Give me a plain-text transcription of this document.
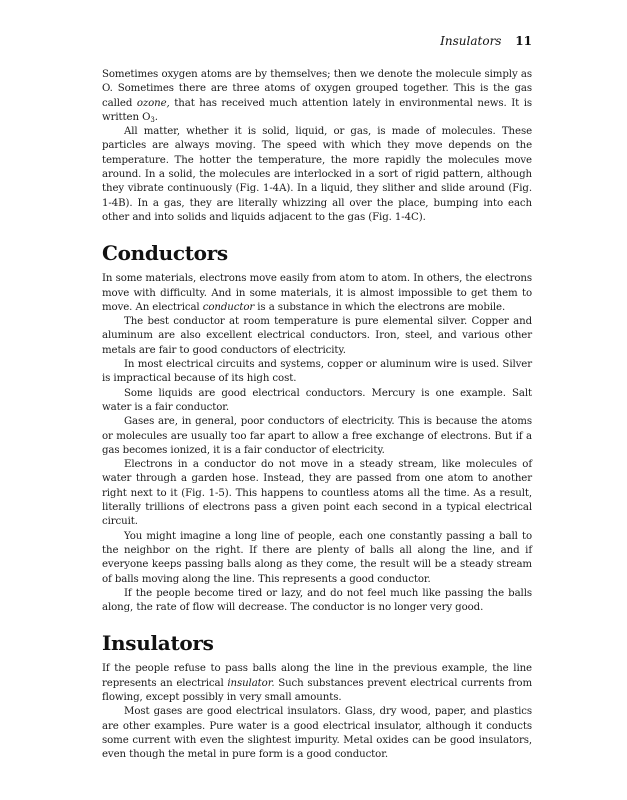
Insulators 11

Sometimes oxygen atoms are by themselves; then we denote the molecule simply as O. Sometimes there are three atoms of oxygen grouped together. This is the gas called ozone, that has received much attention lately in environmental news. It is written $O_3$.

All matter, whether it is solid, liquid, or gas, is made of molecules. These particles are always moving. The speed with which they move depends on the temperature. The hotter the temperature, the more rapidly the molecules move around. In a solid, the molecules are interlocked in a sort of rigid pattern, although they vibrate continuously (Fig. 1-4A). In a liquid, they slither and slide around (Fig. 1-4B). In a gas, they are literally whizzing all over the place, bumping into each other and into solids and liquids adjacent to the gas (Fig. 1-4C).

Conductors

In some materials, electrons move easily from atom to atom. In others, the electrons move with difficulty. And in some materials, it is almost impossible to get them to move. An electrical conductor is a substance in which the electrons are mobile.

The best conductor at room temperature is pure elemental silver. Copper and aluminum are also excellent electrical conductors. Iron, steel, and various other metals are fair to good conductors of electricity.

In most electrical circuits and systems, copper or aluminum wire is used. Silver is impractical because of its high cost.

Some liquids are good electrical conductors. Mercury is one example. Salt water is a fair conductor.

Gases are, in general, poor conductors of electricity. This is because the atoms or molecules are usually too far apart to allow a free exchange of electrons. But if a gas becomes ionized, it is a fair conductor of electricity.

Electrons in a conductor do not move in a steady stream, like molecules of water through a garden hose. Instead, they are passed from one atom to another right next to it (Fig. 1-5). This happens to countless atoms all the time. As a result, literally trillions of electrons pass a given point each second in a typical electrical circuit.

You might imagine a long line of people, each one constantly passing a ball to the neighbor on the right. If there are plenty of balls all along the line, and if everyone keeps passing balls along as they come, the result will be a steady stream of balls moving along the line. This represents a good conductor.

If the people become tired or lazy, and do not feel much like passing the balls along, the rate of flow will decrease. The conductor is no longer very good.

Insulators

If the people refuse to pass balls along the line in the previous example, the line represents an electrical insulator. Such substances prevent electrical currents from flowing, except possibly in very small amounts.

Most gases are good electrical insulators. Glass, dry wood, paper, and plastics are other examples. Pure water is a good electrical insulator, although it conducts some current with even the slightest impurity. Metal oxides can be good insulators, even though the metal in pure form is a good conductor.
